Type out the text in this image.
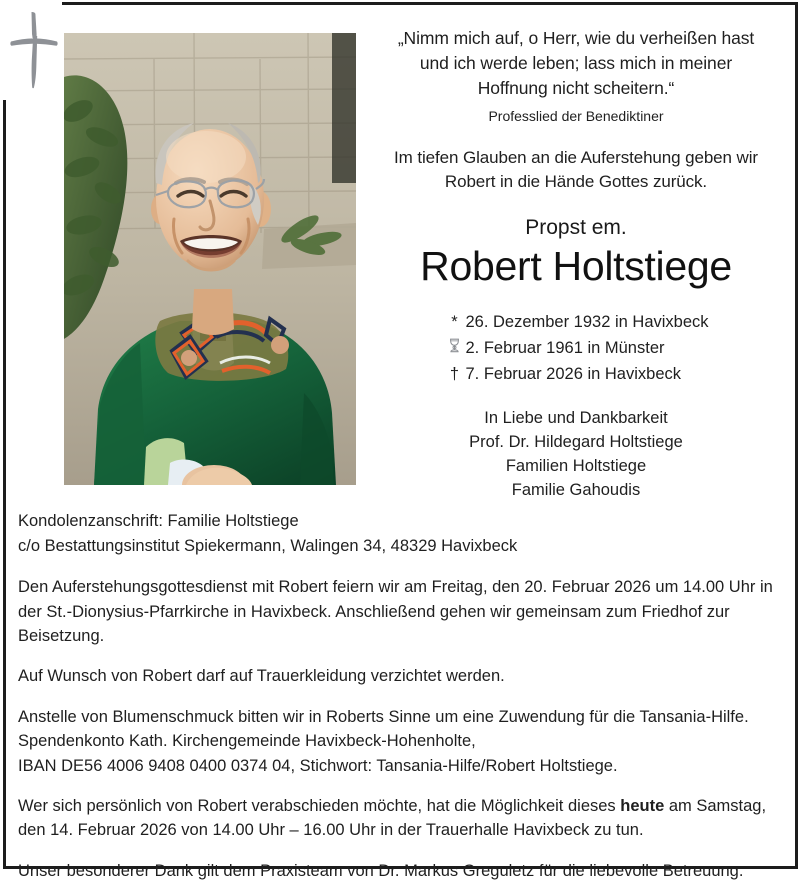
„Nimm mich auf, o Herr, wie du verheißen hast
und ich werde leben; lass mich in meiner
Hoffnung nicht scheitern.“
Professlied der Benediktiner
Im tiefen Glauben an die Auferstehung geben wir
Robert in die Hände Gottes zurück.
Propst em.
Robert Holtstiege
* 26. Dezember 1932 in Havixbeck
2. Februar 1961 in Münster
† 7. Februar 2026 in Havixbeck
In Liebe und Dankbarkeit
Prof. Dr. Hildegard Holtstiege
Familien Holtstiege
Familie Gahoudis
Kondolenzanschrift: Familie Holtstiege
c/o Bestattungsinstitut Spiekermann, Walingen 34, 48329 Havixbeck
Den Auferstehungsgottesdienst mit Robert feiern wir am Freitag, den 20. Februar 2026 um 14.00 Uhr in der St.-Dionysius-Pfarrkirche in Havixbeck. Anschließend gehen wir gemeinsam zum Friedhof zur Beisetzung.
Auf Wunsch von Robert darf auf Trauerkleidung verzichtet werden.
Anstelle von Blumenschmuck bitten wir in Roberts Sinne um eine Zuwendung für die Tansania-Hilfe.
Spendenkonto Kath. Kirchengemeinde Havixbeck-Hohenholte,
IBAN DE56 4006 9408 0400 0374 04, Stichwort: Tansania-Hilfe/Robert Holtstiege.
Wer sich persönlich von Robert verabschieden möchte, hat die Möglichkeit dieses heute am Samstag, den 14. Februar 2026 von 14.00 Uhr – 16.00 Uhr in der Trauerhalle Havixbeck zu tun.
Unser besonderer Dank gilt dem Praxisteam von Dr. Markus Greguletz für die liebevolle Betreuung.
